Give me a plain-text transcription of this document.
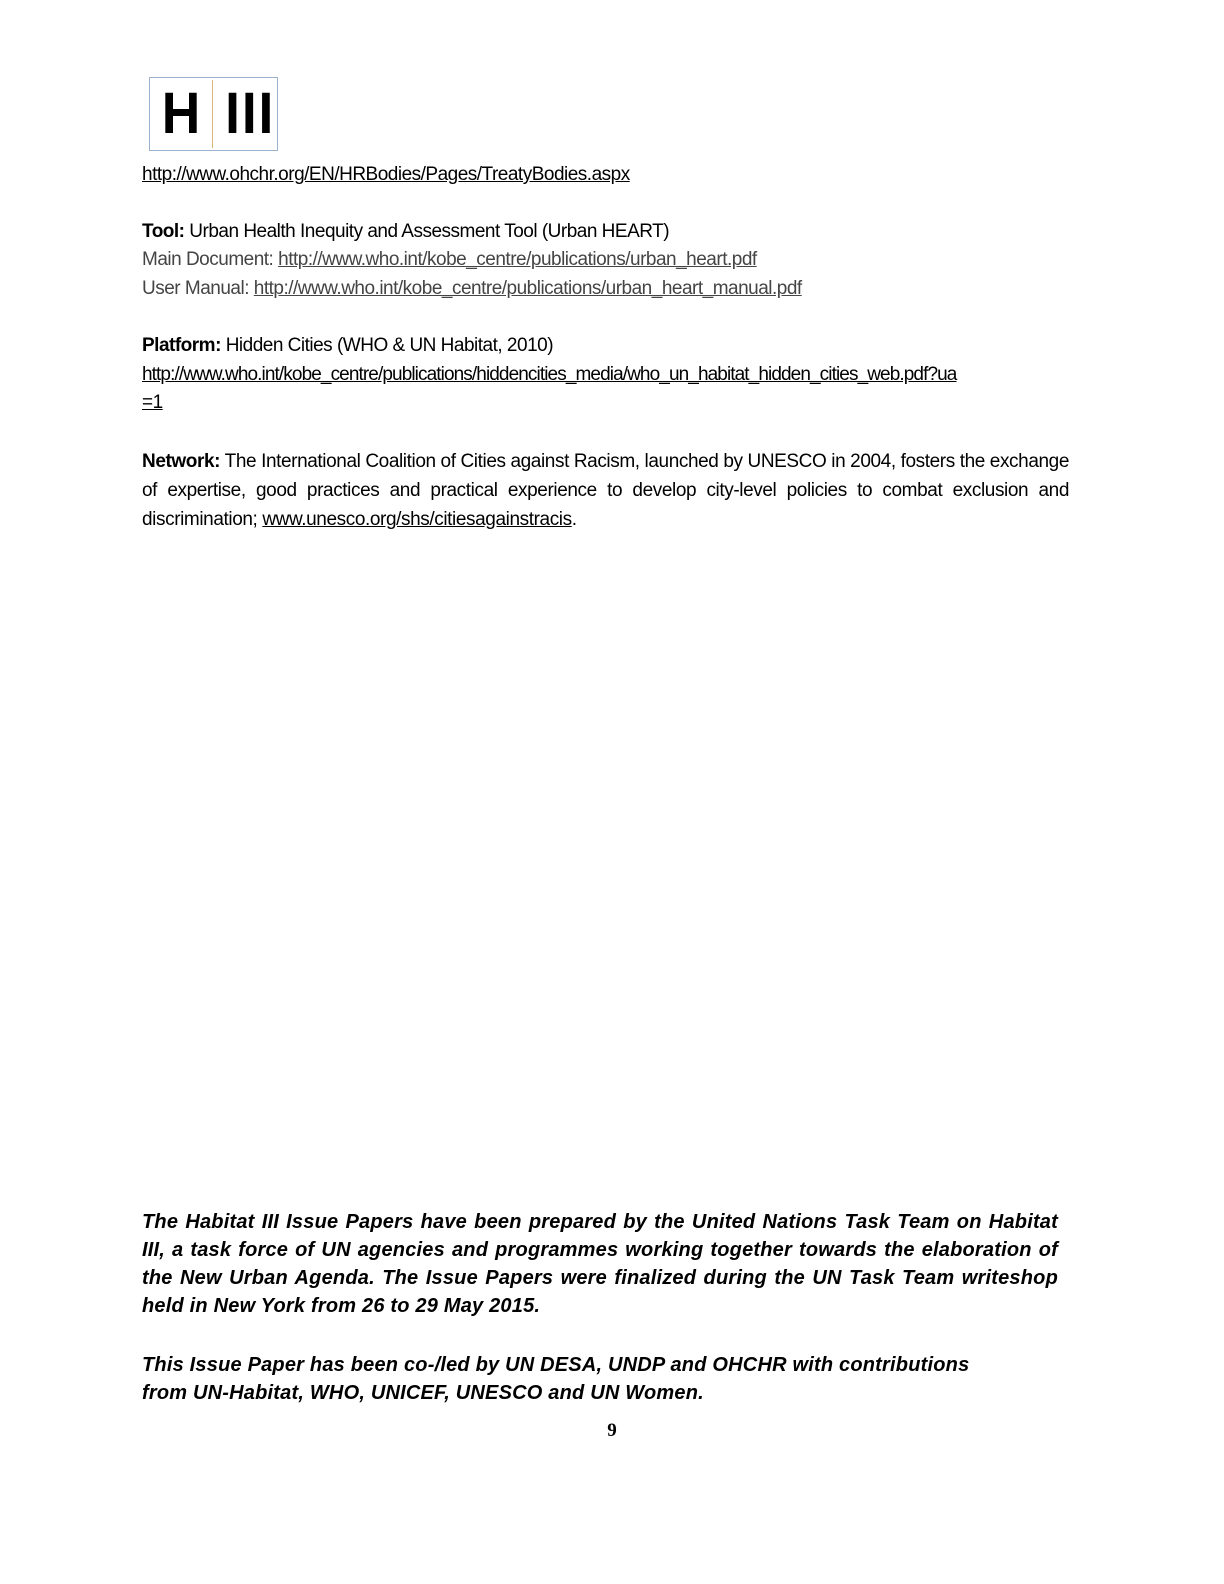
H III
http://www.ohchr.org/EN/HRBodies/Pages/TreatyBodies.aspx
Tool: Urban Health Inequity and Assessment Tool (Urban HEART)
Main Document: http://www.who.int/kobe_centre/publications/urban_heart.pdf
User Manual: http://www.who.int/kobe_centre/publications/urban_heart_manual.pdf
Platform: Hidden Cities (WHO & UN Habitat, 2010)
http://www.who.int/kobe_centre/publications/hiddencities_media/who_un_habitat_hidden_cities_web.pdf?ua
=1
Network: The International Coalition of Cities against Racism, launched by UNESCO in 2004, fosters the exchange of expertise, good practices and practical experience to develop city-level policies to combat exclusion and discrimination; www.unesco.org/shs/citiesagainstracis.
The Habitat III Issue Papers have been prepared by the United Nations Task Team on Habitat III, a task force of UN agencies and programmes working together towards the elaboration of the New Urban Agenda. The Issue Papers were finalized during the UN Task Team writeshop held in New York from 26 to 29 May 2015.
This Issue Paper has been co-/led by UN DESA, UNDP and OHCHR with contributions
from UN-Habitat, WHO, UNICEF, UNESCO and UN Women.
9
